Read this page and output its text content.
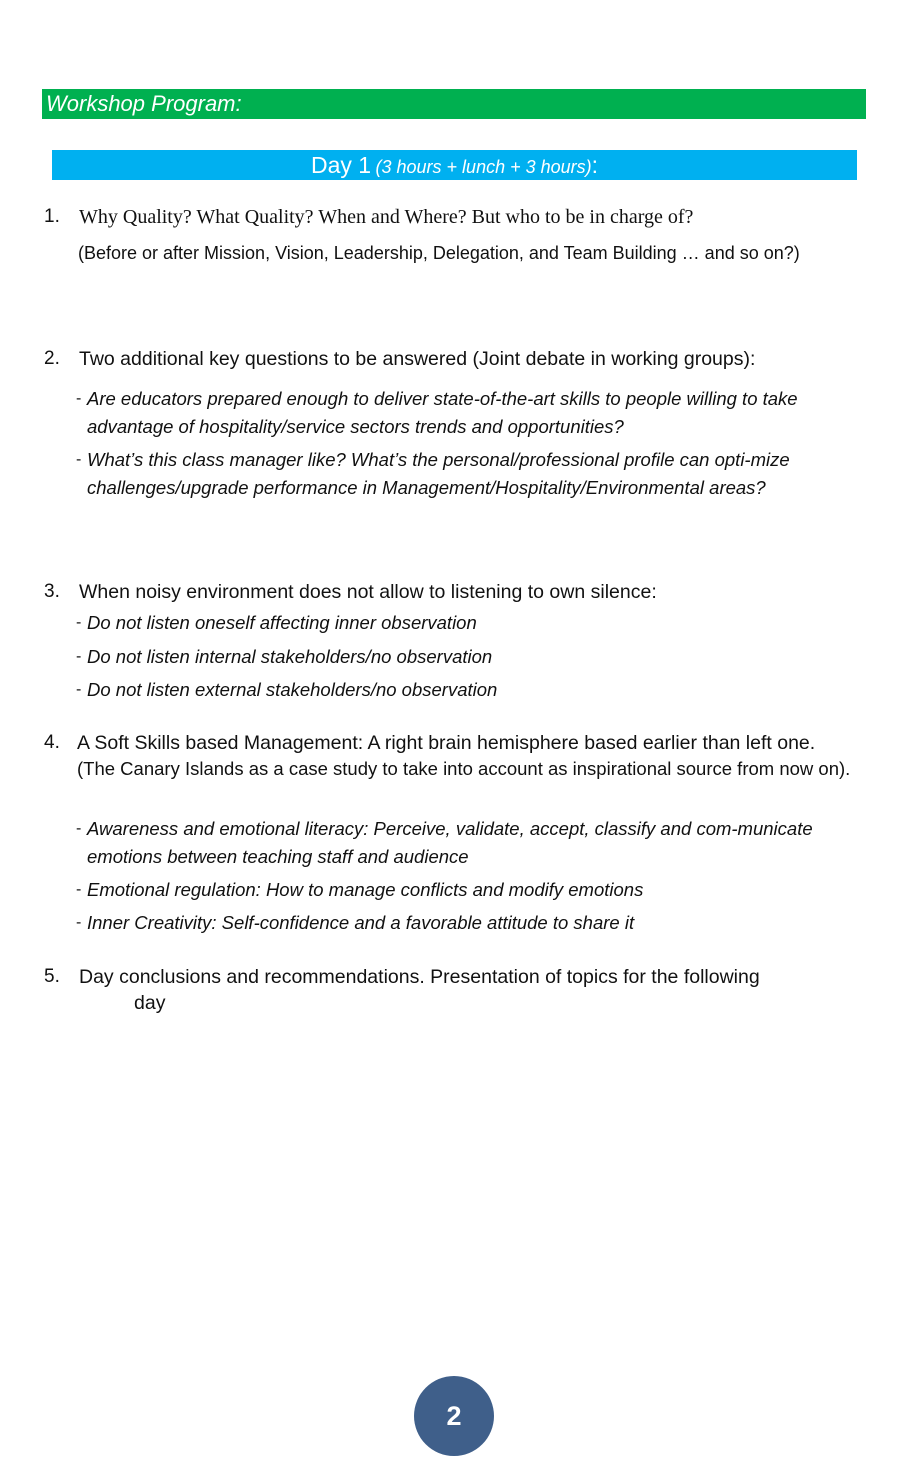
Workshop Program:
Day 1 (3 hours + lunch + 3 hours):
1. Why Quality? What Quality? When and Where? But who to be in charge of?
(Before or after Mission, Vision, Leadership, Delegation, and Team Building … and so on?)
2. Two additional key questions to be answered (Joint debate in working groups):
- Are educators prepared enough to deliver state-of-the-art skills to people willing to take advantage of hospitality/service sectors trends and opportunities?
- What’s this class manager like? What’s the personal/professional profile can opti-mize challenges/upgrade performance in Management/Hospitality/Environmental areas?
3. When noisy environment does not allow to listening to own silence:
- Do not listen oneself affecting inner observation
- Do not listen internal stakeholders/no observation
- Do not listen external stakeholders/no observation
4. A Soft Skills based Management: A right brain hemisphere based earlier than left one. (The Canary Islands as a case study to take into account as inspirational source from now on).
- Awareness and emotional literacy: Perceive, validate, accept, classify and com-municate emotions between teaching staff and audience
- Emotional regulation: How to manage conflicts and modify emotions
- Inner Creativity: Self-confidence and a favorable attitude to share it
5. Day conclusions and recommendations. Presentation of topics for the following
day
2
